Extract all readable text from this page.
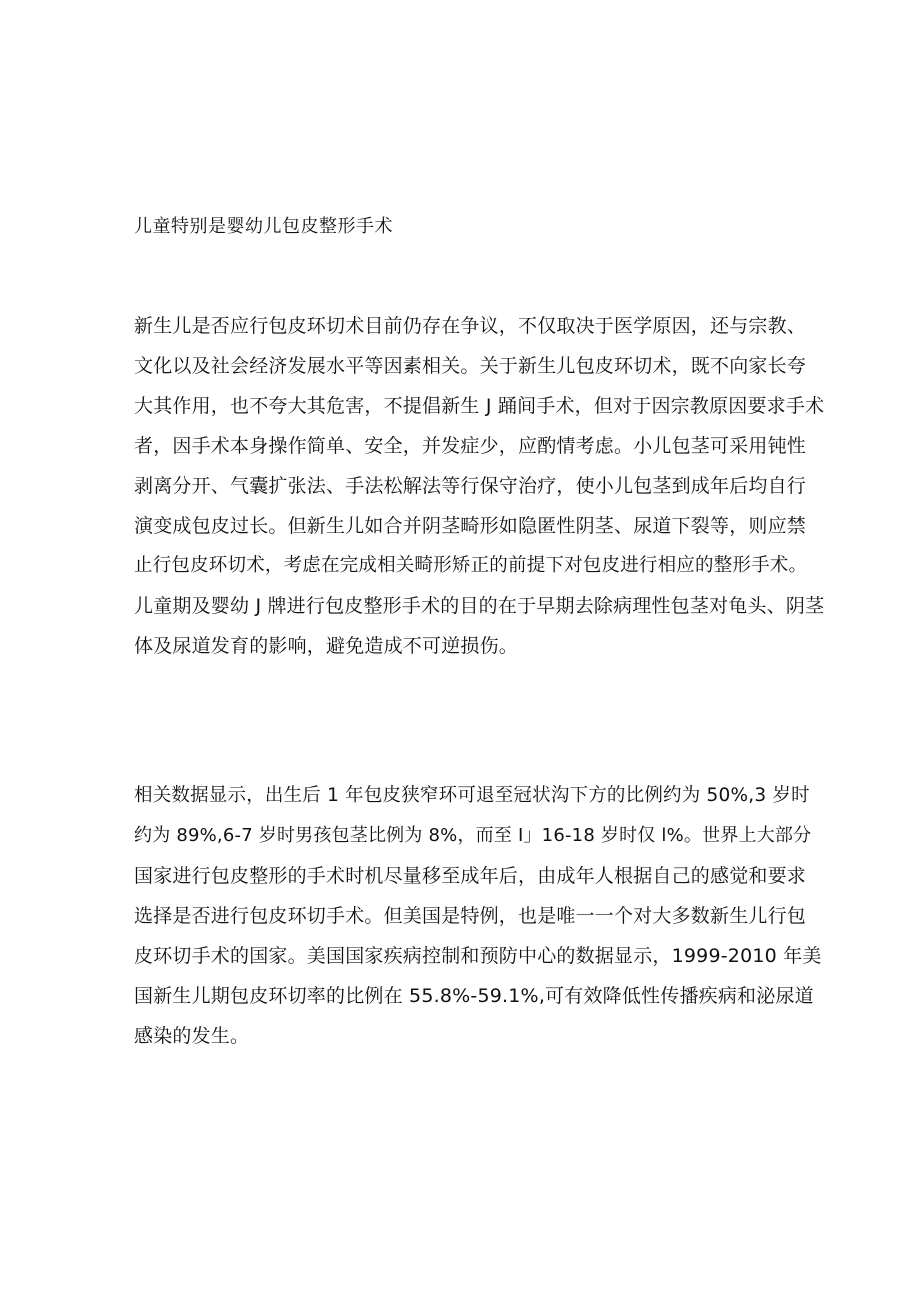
儿童特别是婴幼儿包皮整形手术
新生儿是否应行包皮环切术目前仍存在争议，不仅取决于医学原因，还与宗教、
文化以及社会经济发展水平等因素相关。关于新生儿包皮环切术，既不向家长夸
大其作用，也不夸大其危害，不提倡新生 J 踊间手术，但对于因宗教原因要求手术
者，因手术本身操作简单、安全，并发症少，应酌情考虑。小儿包茎可采用钝性
剥离分开、气囊扩张法、手法松解法等行保守治疗，使小儿包茎到成年后均自行
演变成包皮过长。但新生儿如合并阴茎畸形如隐匿性阴茎、尿道下裂等，则应禁
止行包皮环切术，考虑在完成相关畸形矫正的前提下对包皮进行相应的整形手术。
儿童期及婴幼 J 牌进行包皮整形手术的目的在于早期去除病理性包茎对龟头、阴茎
体及尿道发育的影响，避免造成不可逆损伤。
相关数据显示，出生后 1 年包皮狭窄环可退至冠状沟下方的比例约为 50%,3 岁时
约为 89%,6-7 岁时男孩包茎比例为 8%，而至 I」16-18 岁时仅 l%。世界上大部分
国家进行包皮整形的手术时机尽量移至成年后，由成年人根据自己的感觉和要求
选择是否进行包皮环切手术。但美国是特例，也是唯一一个对大多数新生儿行包
皮环切手术的国家。美国国家疾病控制和预防中心的数据显示，1999-2010 年美
国新生儿期包皮环切率的比例在 55.8%-59.1%,可有效降低性传播疾病和泌尿道
感染的发生。
